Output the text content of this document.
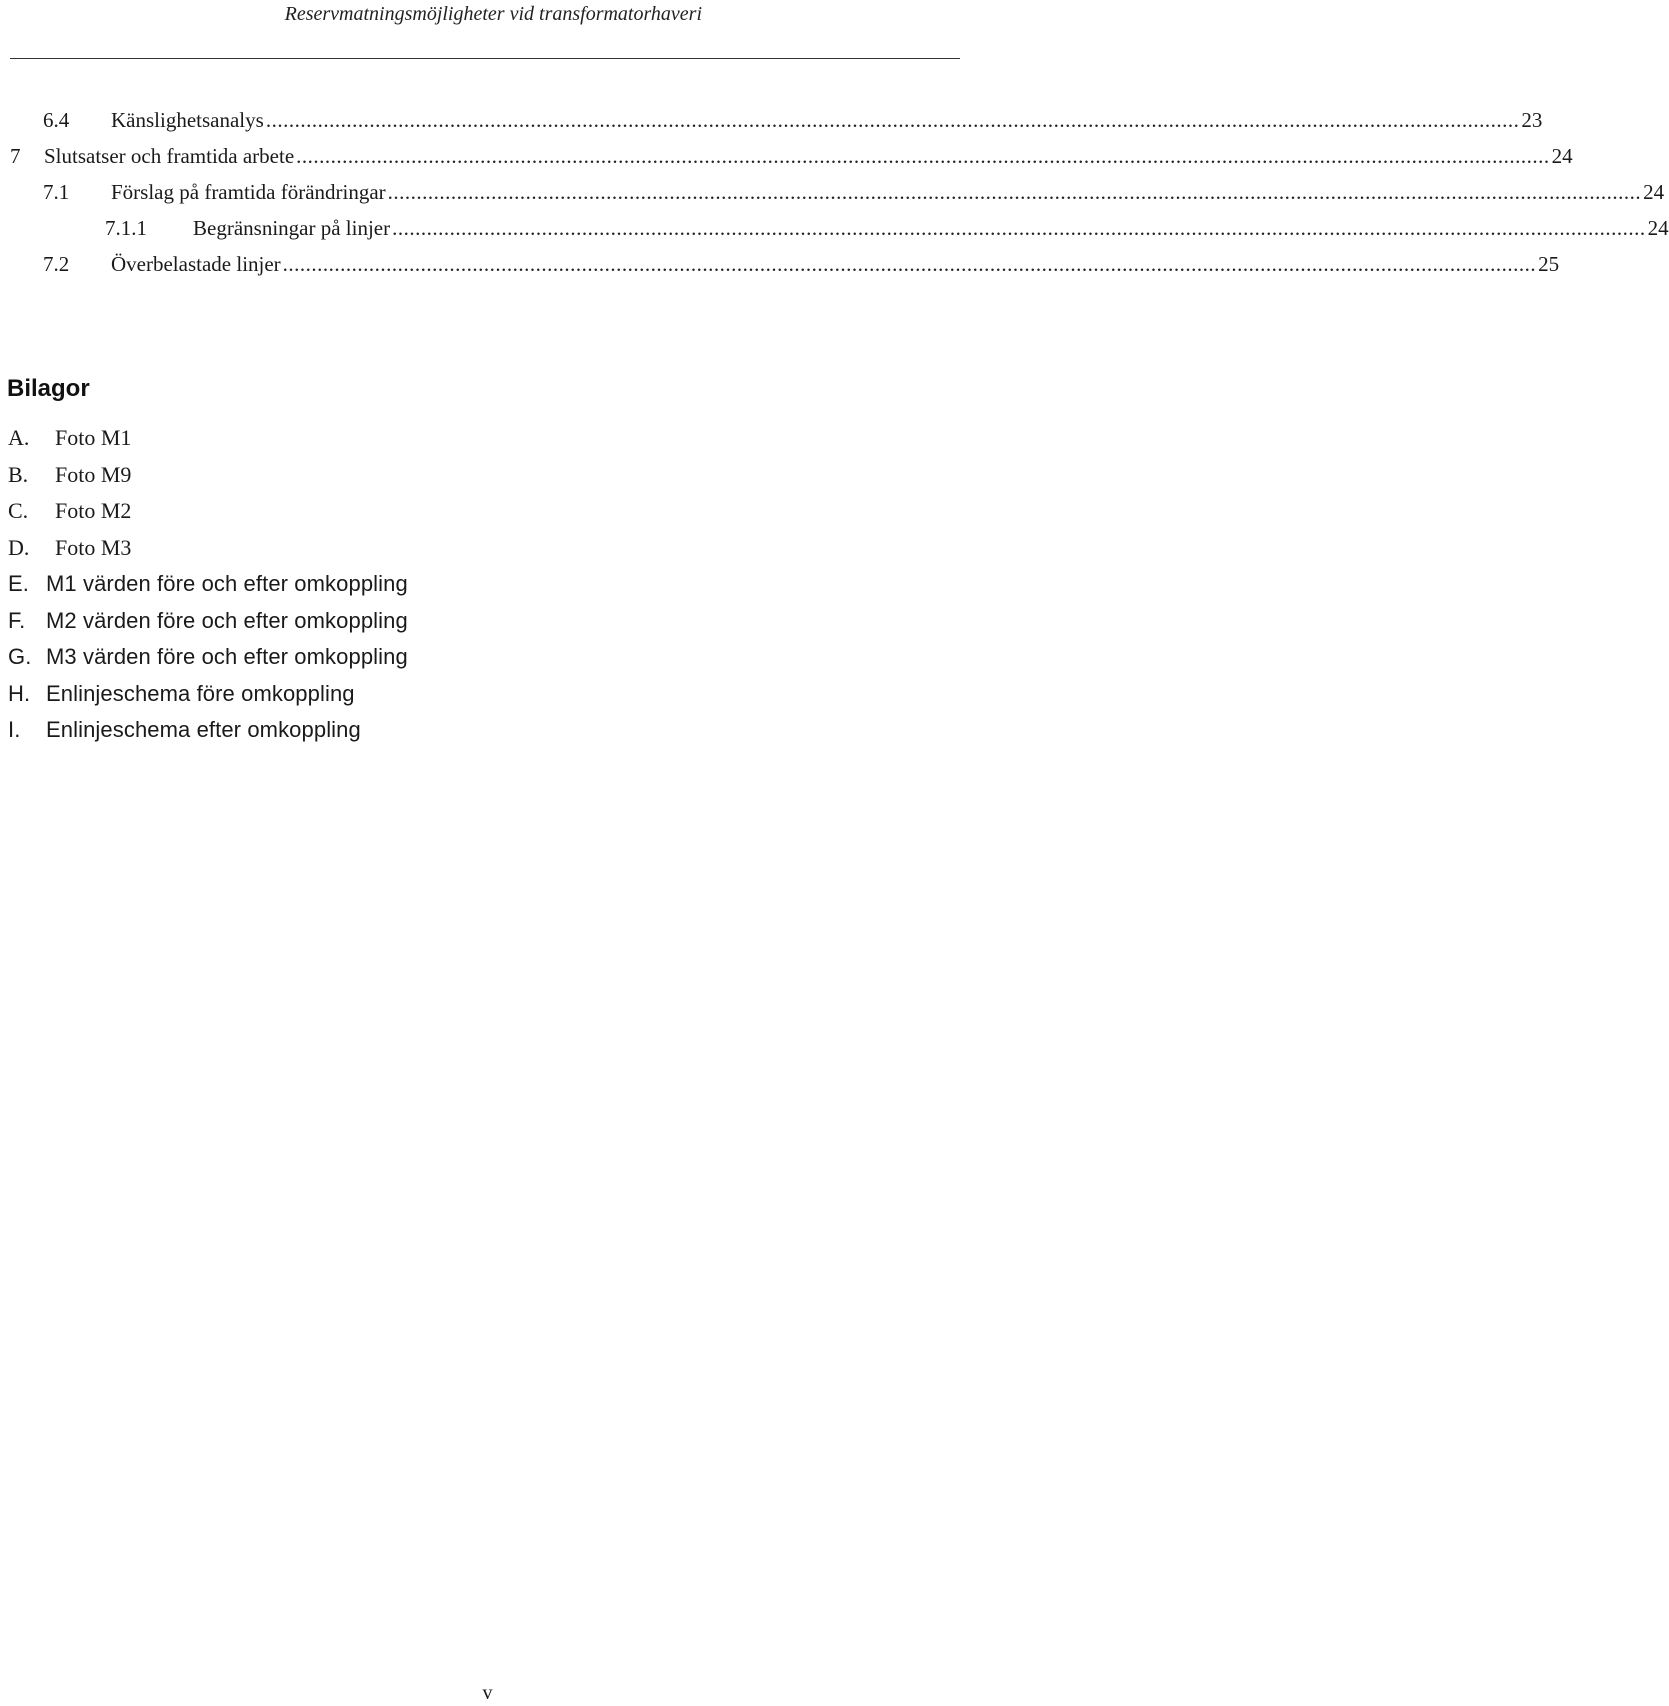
Reservmatningsmöjligheter vid transformatorhaveri
6.4	Känslighetsanalys .......................................................................................................................................................................................................................... 23
7	Slutsatser och framtida arbete .......................................................................................................................................................................................................................... 24
7.1	Förslag på framtida förändringar .......................................................................................................................................................................................................................... 24
7.1.1	Begränsningar på linjer .......................................................................................................................................................................................................................... 24
7.2	Överbelastade linjer .......................................................................................................................................................................................................................... 25
Bilagor
A. Foto M1
B. Foto M9
C. Foto M2
D. Foto M3
E. M1 värden före och efter omkoppling
F. M2 värden före och efter omkoppling
G. M3 värden före och efter omkoppling
H. Enlinjeschema före omkoppling
I. Enlinjeschema efter omkoppling
v
